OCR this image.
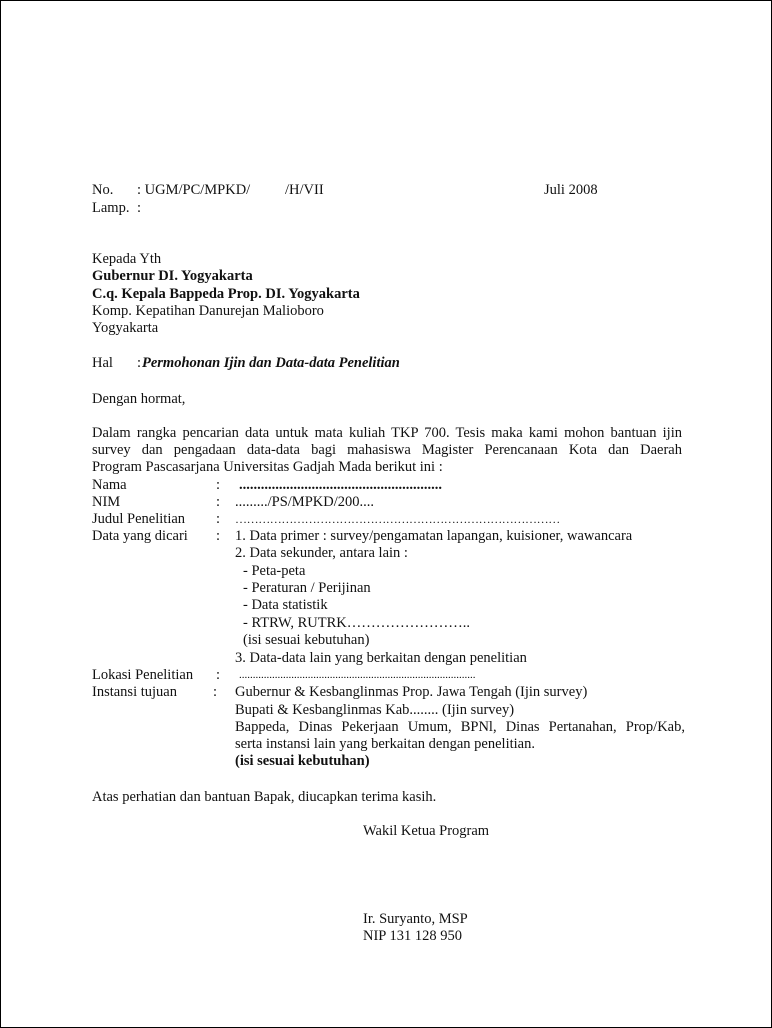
No. : UGM/PC/MPKD/ /H/VII	Juli 2008
Lamp. :
Kepada Yth
Gubernur DI. Yogyakarta
C.q. Kepala Bappeda Prop. DI. Yogyakarta
Komp. Kepatihan Danurejan Malioboro
Yogyakarta
Hal : Permohonan Ijin dan Data-data Penelitian
Dengan hormat,
Dalam rangka pencarian data untuk mata kuliah TKP 700. Tesis maka kami mohon bantuan ijin
survey dan pengadaan data-data bagi mahasiswa Magister Perencanaan Kota dan Daerah
Program Pascasarjana Universitas Gadjah Mada berikut ini :
Nama	: ........................................................
NIM	: ........./PS/MPKD/200....
Judul Penelitian : …………………………………………………………………………
Data yang dicari : 1. Data primer : survey/pengamatan lapangan, kuisioner, wawancara
2. Data sekunder, antara lain :
- Peta-peta
- Peraturan / Perijinan
- Data statistik
- RTRW, RUTRK……………………..
(isi sesuai kebutuhan)
3. Data-data lain yang berkaitan dengan penelitian
Lokasi Penelitian : ......................................................................................
Instansi tujuan : Gubernur & Kesbanglinmas Prop. Jawa Tengah (Ijin survey)
Bupati & Kesbanglinmas Kab........ (Ijin survey)
Bappeda, Dinas Pekerjaan Umum, BPNl, Dinas Pertanahan, Prop/Kab,
serta instansi lain yang berkaitan dengan penelitian.
(isi sesuai kebutuhan)
Atas perhatian dan bantuan Bapak, diucapkan terima kasih.
Wakil Ketua Program
Ir. Suryanto, MSP
NIP 131 128 950
